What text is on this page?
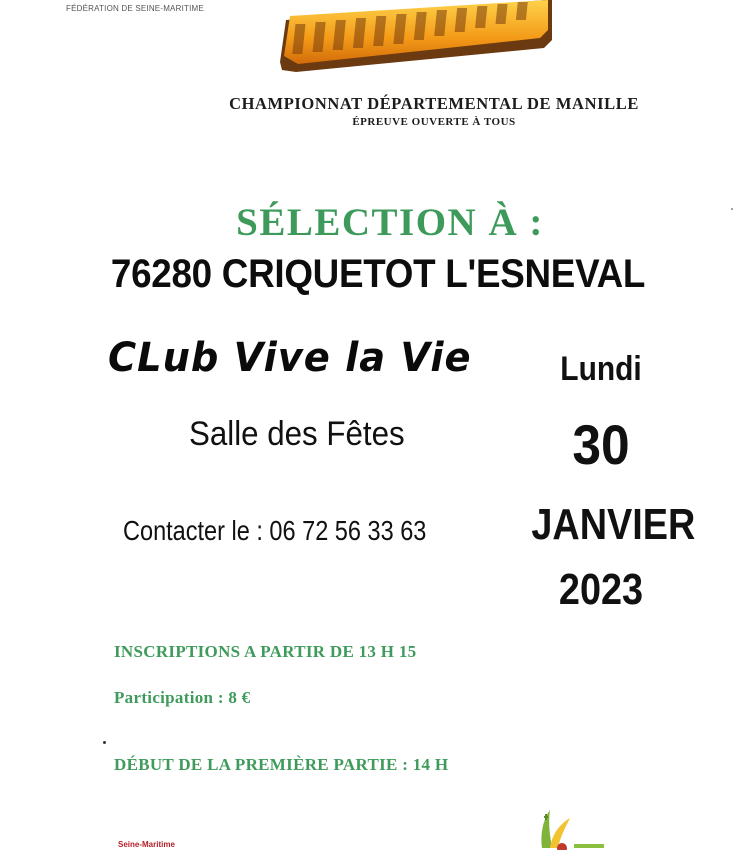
FÉDÉRATION DE SEINE-MARITIME
CHAMPIONNAT DÉPARTEMENTAL DE MANILLE
ÉPREUVE OUVERTE À TOUS
SÉLECTION À :
76280 CRIQUETOT L'ESNEVAL
CLub Vive la Vie
Salle des Fêtes
Contacter le : 06 72 56 33 63
Lundi
30
JANVIER
2023
INSCRIPTIONS A PARTIR DE 13 H 15
Participation : 8 €
DÉBUT DE LA PREMIÈRE PARTIE : 14 H
Seine-Maritime
